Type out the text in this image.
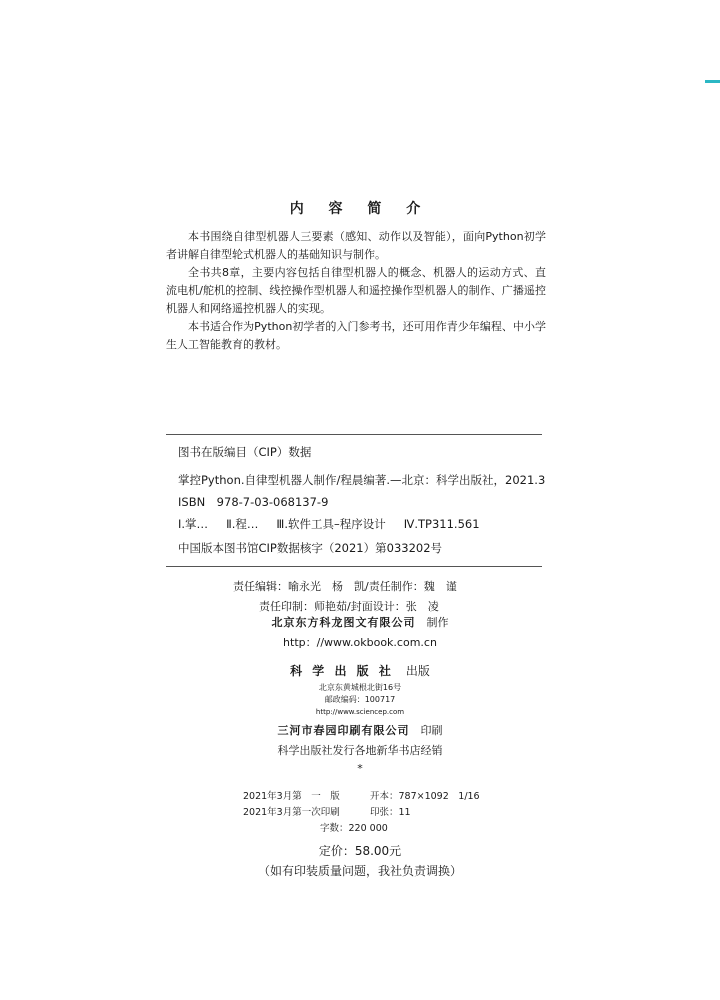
内 容 简 介

本书围绕自律型机器人三要素（感知、动作以及智能），面向Python初学者讲解自律型轮式机器人的基础知识与制作。

全书共8章，主要内容包括自律型机器人的概念、机器人的运动方式、直流电机/舵机的控制、线控操作型机器人和遥控操作型机器人的制作、广播遥控机器人和网络遥控机器人的实现。

本书适合作为Python初学者的入门参考书，还可用作青少年编程、中小学生人工智能教育的教材。

图书在版编目（CIP）数据
掌控Python.自律型机器人制作/程晨编著.—北京：科学出版社，2021.3
ISBN　978-7-03-068137-9
Ⅰ.掌… Ⅱ.程… Ⅲ.软件工具–程序设计 Ⅳ.TP311.561
中国版本图书馆CIP数据核字（2021）第033202号
责任编辑：喻永光　杨　凯/责任制作：魏　谨
责任印制：师艳茹/封面设计：张　凌
北京东方科龙图文有限公司　 制作
http：//www.okbook.com.cn
科 学 出 版 社　 出版
北京东黄城根北街16号
邮政编码：100717
http://www.sciencep.com
三河市春园印刷有限公司　 印刷
科学出版社发行各地新华书店经销
*
2021年3月第　一　版	开本：787×1092　1/16
2021年3月第一次印刷	印张：11
字数：220 000
定价：58.00元
（如有印装质量问题，我社负责调换）
